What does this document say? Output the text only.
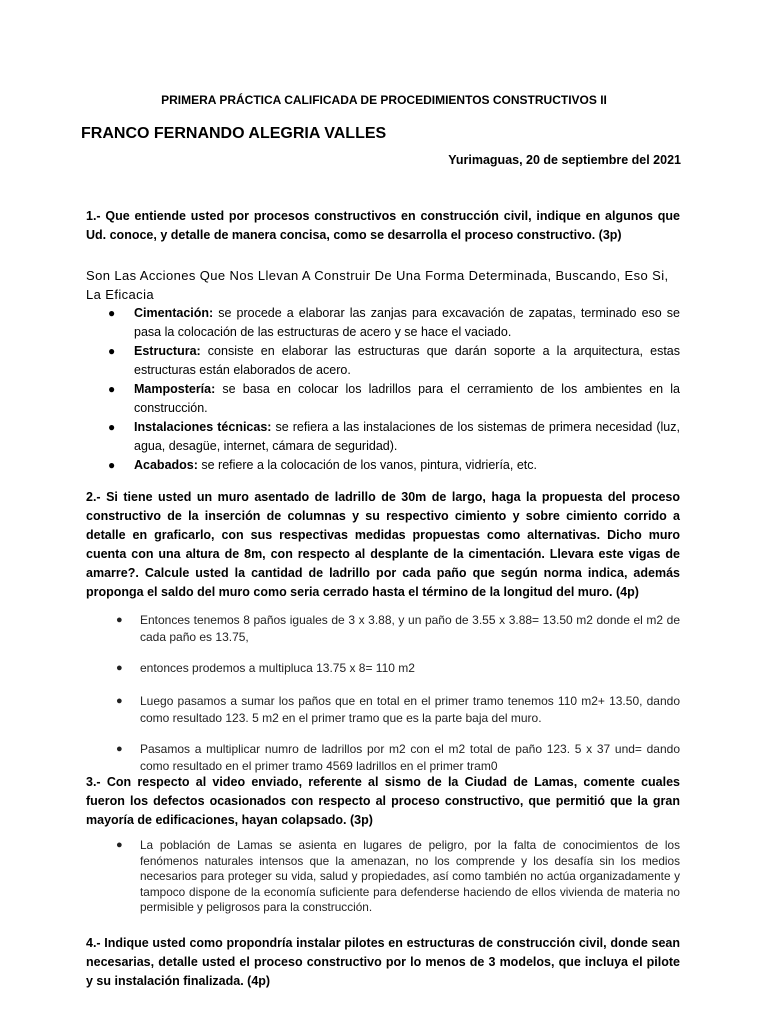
PRIMERA PRÁCTICA CALIFICADA DE PROCEDIMIENTOS CONSTRUCTIVOS II
FRANCO FERNANDO ALEGRIA VALLES
Yurimaguas, 20 de septiembre del 2021
1.- Que entiende usted por procesos constructivos en construcción civil, indique en algunos que Ud. conoce, y detalle de manera concisa, como se desarrolla el proceso constructivo. (3p)
Son Las Acciones Que Nos Llevan A Construir De Una Forma Determinada, Buscando, Eso Si, La Eficacia
● Cimentación: se procede a elaborar las zanjas para excavación de zapatas, terminado eso se pasa la colocación de las estructuras de acero y se hace el vaciado.
● Estructura: consiste en elaborar las estructuras que darán soporte a la arquitectura, estas estructuras están elaborados de acero.
● Mampostería: se basa en colocar los ladrillos para el cerramiento de los ambientes en la construcción.
● Instalaciones técnicas: se refiera a las instalaciones de los sistemas de primera necesidad (luz, agua, desagüe, internet, cámara de seguridad).
● Acabados: se refiere a la colocación de los vanos, pintura, vidriería, etc.
2.- Si tiene usted un muro asentado de ladrillo de 30m de largo, haga la propuesta del proceso constructivo de la inserción de columnas y su respectivo cimiento y sobre cimiento corrido a detalle en graficarlo, con sus respectivas medidas propuestas como alternativas. Dicho muro cuenta con una altura de 8m, con respecto al desplante de la cimentación. Llevara este vigas de amarre?. Calcule usted la cantidad de ladrillo por cada paño que según norma indica, además proponga el saldo del muro como seria cerrado hasta el término de la longitud del muro. (4p)
● Entonces tenemos 8 paños iguales de 3 x 3.88, y un paño de 3.55 x 3.88= 13.50 m2 donde el m2 de cada paño es 13.75,
● entonces prodemos a multipluca 13.75 x 8= 110 m2
● Luego pasamos a sumar los paños que en total en el primer tramo tenemos 110 m2+ 13.50, dando como resultado 123. 5 m2 en el primer tramo que es la parte baja del muro.
● Pasamos a multiplicar numro de ladrillos por m2 con el m2 total de paño 123. 5 x 37 und= dando como resultado en el primer tramo 4569 ladrillos en el primer tram0
3.- Con respecto al video enviado, referente al sismo de la Ciudad de Lamas, comente cuales fueron los defectos ocasionados con respecto al proceso constructivo, que permitió que la gran mayoría de edificaciones, hayan colapsado. (3p)
● La población de Lamas se asienta en lugares de peligro, por la falta de conocimientos de los fenómenos naturales intensos que la amenazan, no los comprende y los desafía sin los medios necesarios para proteger su vida, salud y propiedades, así como también no actúa organizadamente y tampoco dispone de la economía suficiente para defenderse haciendo de ellos vivienda de materia no permisible y peligrosos para la construcción.
4.- Indique usted como propondría instalar pilotes en estructuras de construcción civil, donde sean necesarias, detalle usted el proceso constructivo por lo menos de 3 modelos, que incluya el pilote y su instalación finalizada. (4p)
